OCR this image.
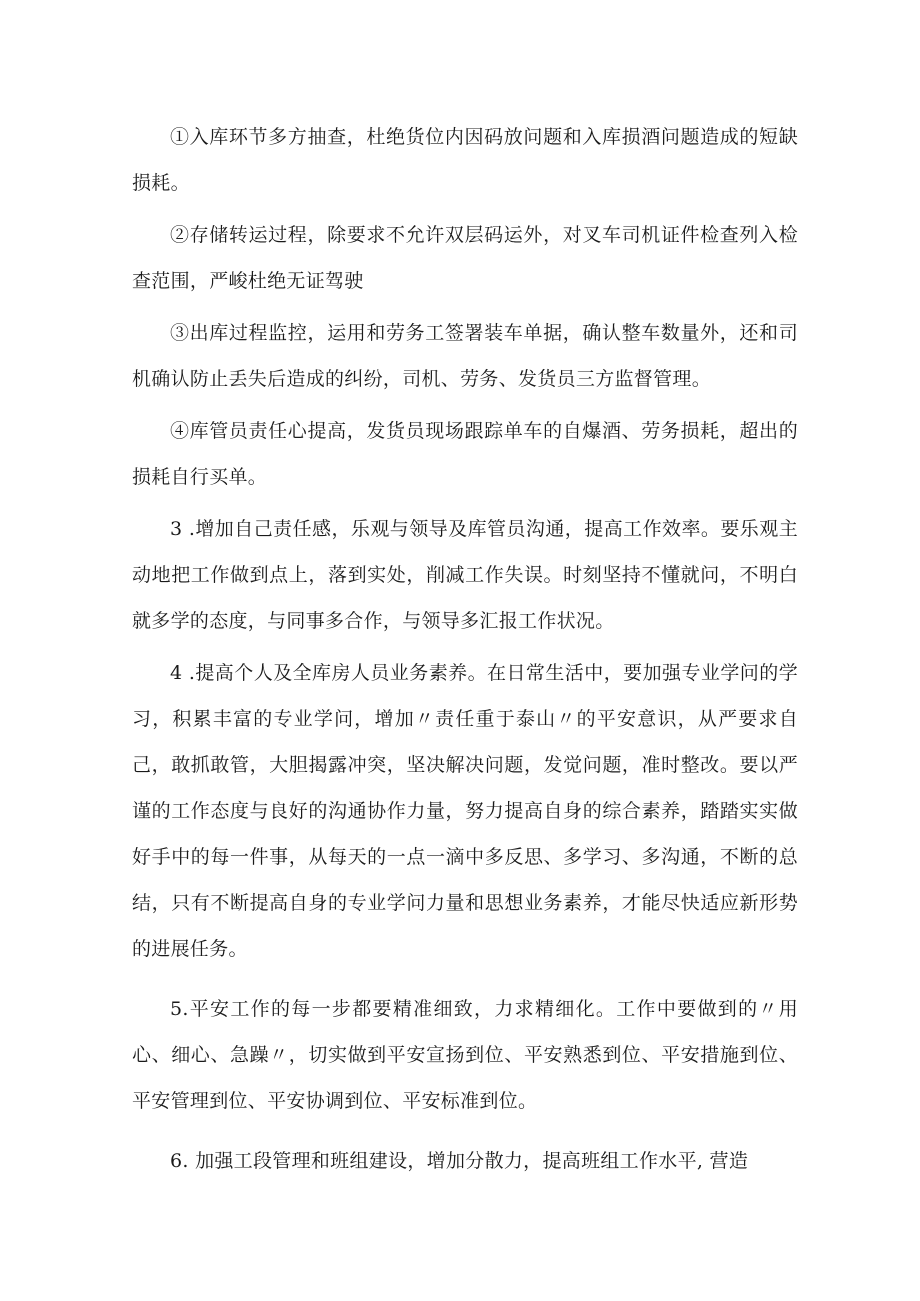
①入库环节多方抽查，杜绝货位内因码放问题和入库损酒问题造成的短缺损耗。

②存储转运过程，除要求不允许双层码运外，对叉车司机证件检查列入检查范围，严峻杜绝无证驾驶

③出库过程监控，运用和劳务工签署装车单据，确认整车数量外，还和司机确认防止丢失后造成的纠纷，司机、劳务、发货员三方监督管理。

④库管员责任心提高，发货员现场跟踪单车的自爆酒、劳务损耗，超出的损耗自行买单。

3 .增加自己责任感，乐观与领导及库管员沟通，提高工作效率。要乐观主动地把工作做到点上，落到实处，削减工作失误。时刻坚持不懂就问，不明白就多学的态度，与同事多合作，与领导多汇报工作状况。

4 .提高个人及全库房人员业务素养。在日常生活中，要加强专业学问的学习，积累丰富的专业学问，增加〃责任重于泰山〃的平安意识，从严要求自己，敢抓敢管，大胆揭露冲突，坚决解决问题，发觉问题，准时整改。要以严谨的工作态度与良好的沟通协作力量，努力提高自身的综合素养，踏踏实实做好手中的每一件事，从每天的一点一滴中多反思、多学习、多沟通，不断的总结，只有不断提高自身的专业学问力量和思想业务素养，才能尽快适应新形势的进展任务。

5.平安工作的每一步都要精准细致，力求精细化。工作中要做到的〃用心、细心、急躁〃，切实做到平安宣扬到位、平安熟悉到位、平安措施到位、平安管理到位、平安协调到位、平安标准到位。

6. 加强工段管理和班组建设，增加分散力，提高班组工作水平, 营造
